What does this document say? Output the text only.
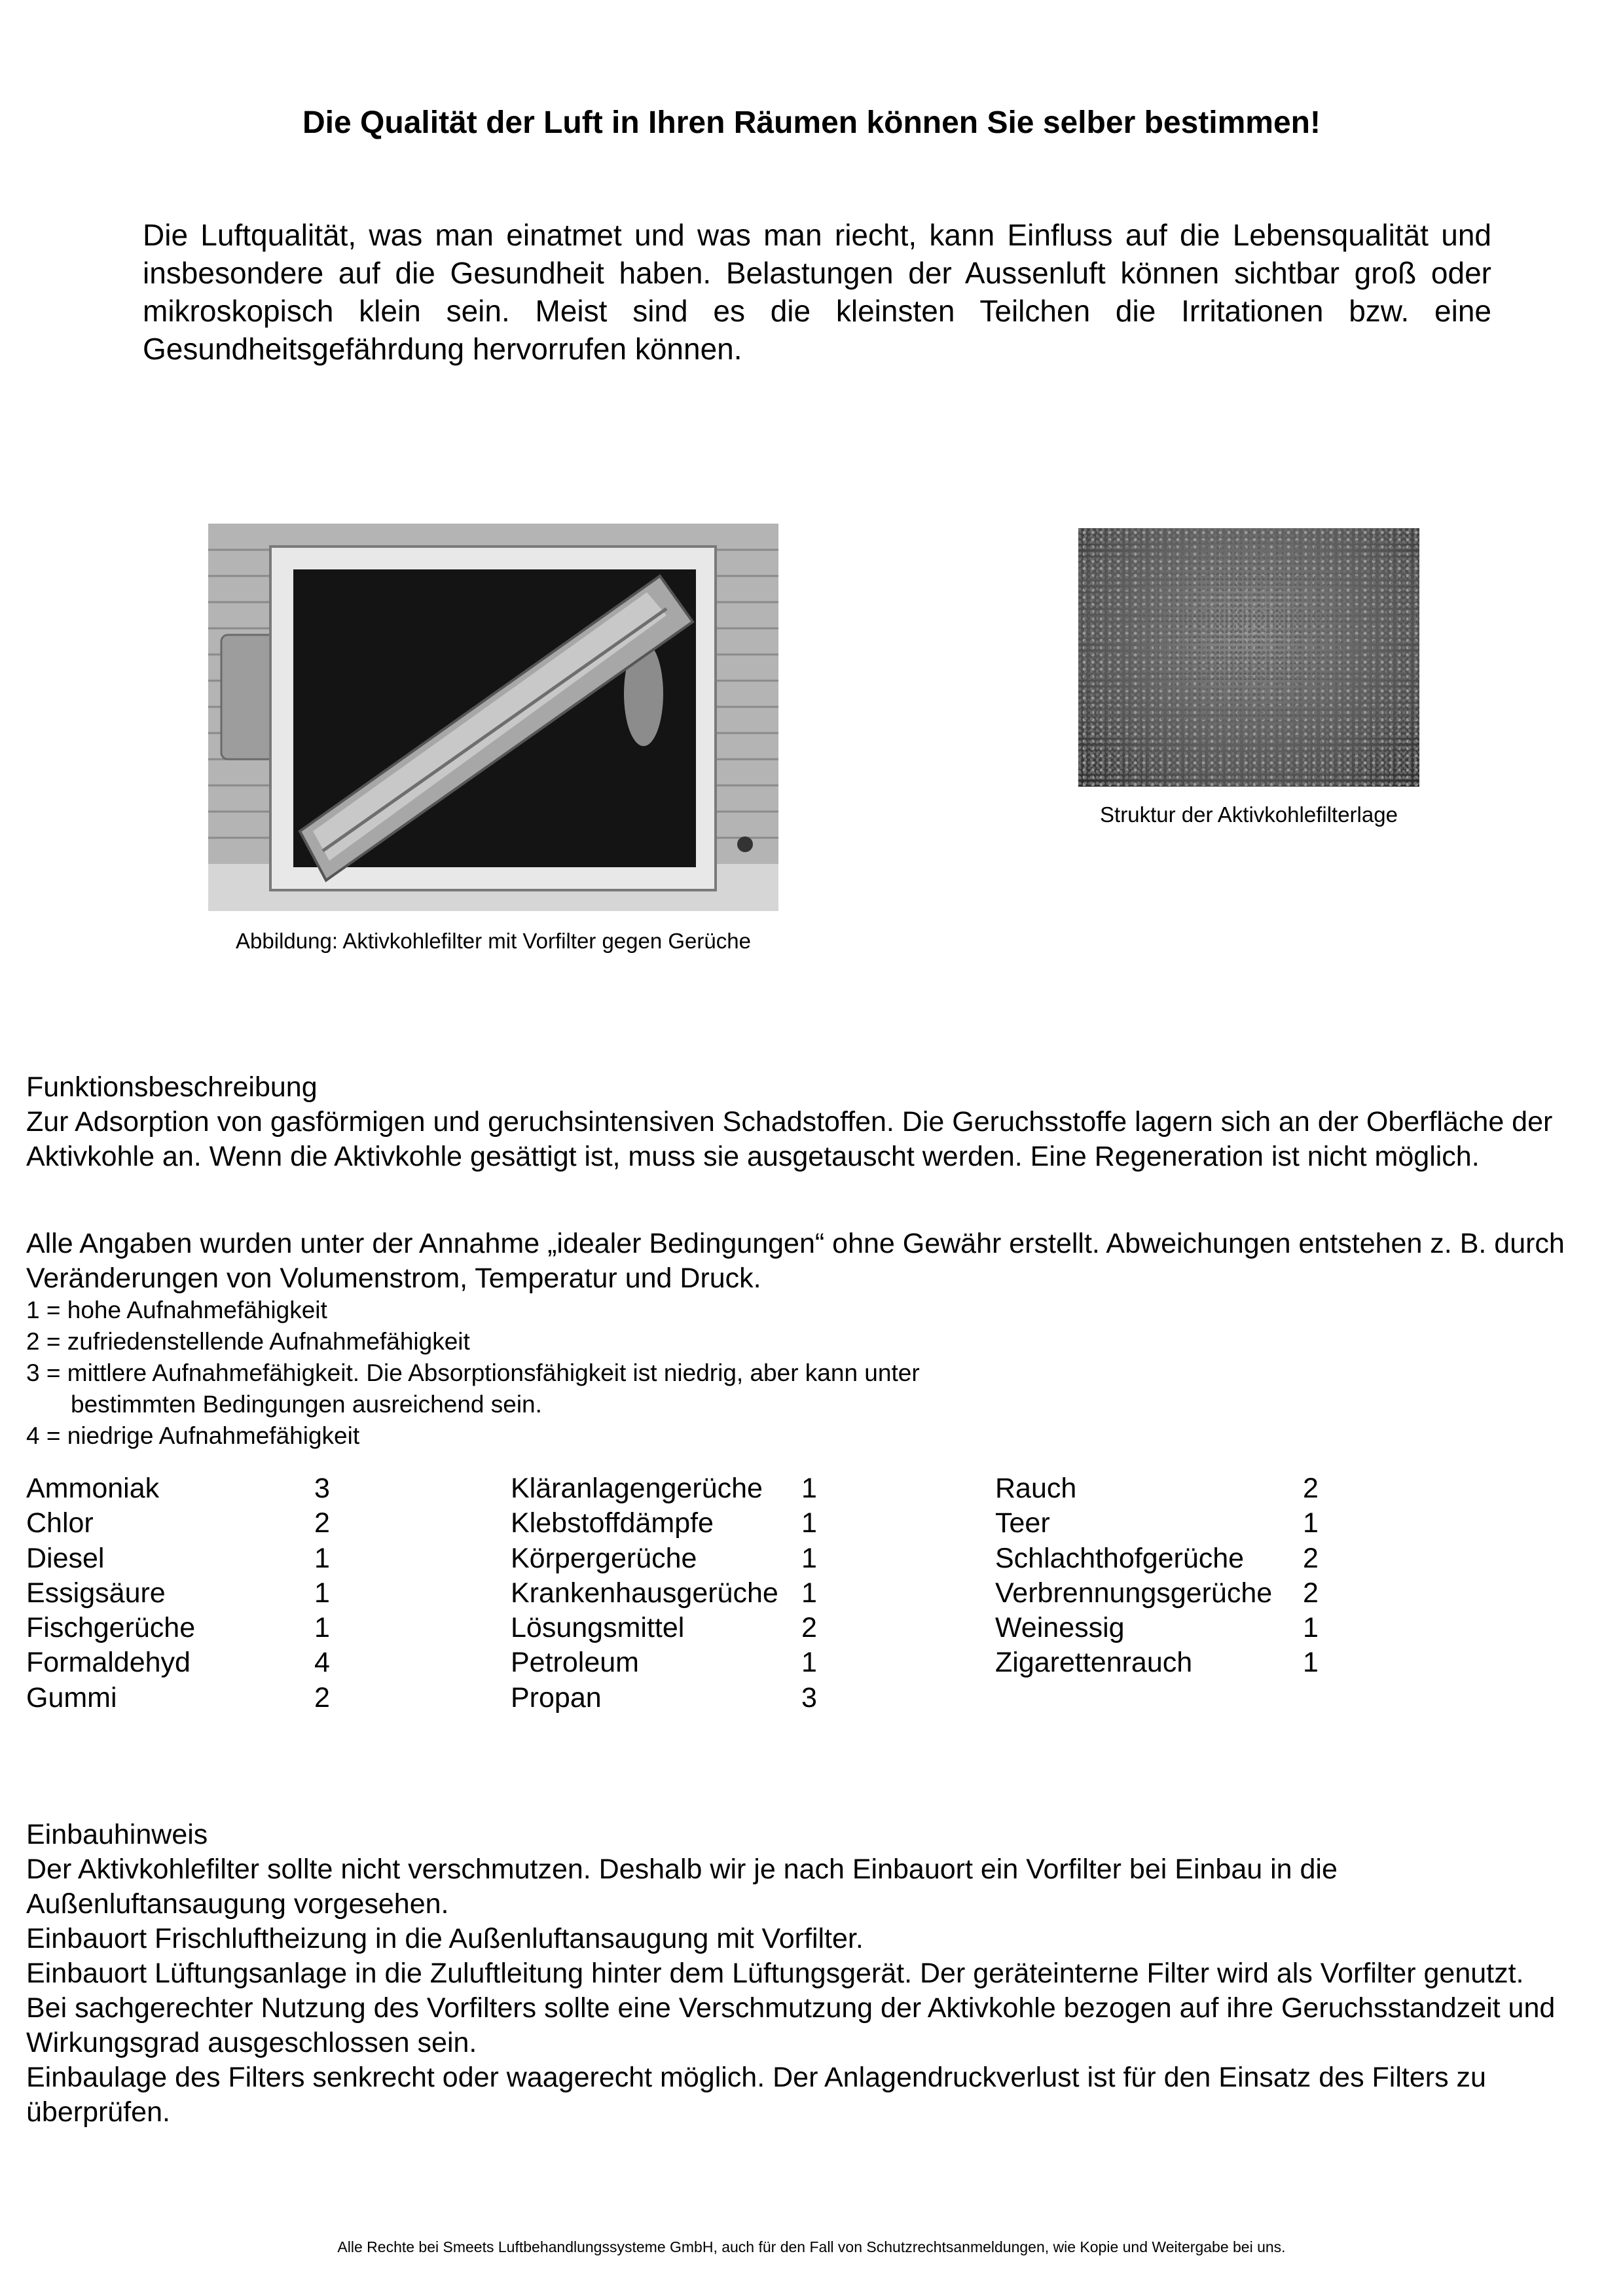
Die Qualität der Luft in Ihren Räumen können Sie selber bestimmen!
Die Luftqualität, was man einatmet und was man riecht, kann Einfluss auf die Lebensqualität und insbesondere auf die Gesundheit haben. Belastungen der Aussenluft können sichtbar groß oder mikroskopisch klein sein. Meist sind es die kleinsten Teilchen die Irritationen bzw. eine Gesundheitsgefährdung hervorrufen können.
Abbildung: Aktivkohlefilter mit Vorfilter gegen Gerüche
Struktur der Aktivkohlefilterlage
Funktionsbeschreibung
Zur Adsorption von gasförmigen und geruchsintensiven Schadstoffen. Die Geruchsstoffe lagern sich an der Oberfläche der Aktivkohle an. Wenn die Aktivkohle gesättigt ist, muss sie ausgetauscht werden. Eine Regeneration ist nicht möglich.
Alle Angaben wurden unter der Annahme „idealer Bedingungen“ ohne Gewähr erstellt. Abweichungen entstehen z. B. durch Veränderungen von Volumenstrom, Temperatur und Druck.
1 = hohe Aufnahmefähigkeit
2 = zufriedenstellende Aufnahmefähigkeit
3 = mittlere Aufnahmefähigkeit. Die Absorptionsfähigkeit ist niedrig, aber kann unter
bestimmten Bedingungen ausreichend sein.
4 = niedrige Aufnahmefähigkeit
Ammoniak	3
Chlor	2
Diesel	1
Essigsäure	1
Fischgerüche	1
Formaldehyd	4
Gummi	2
Kläranlagengerüche	1
Klebstoffdämpfe	1
Körpergerüche	1
Krankenhausgerüche 1
Lösungsmittel	2
Petroleum	1
Propan	3
Rauch	2
Teer	1
Schlachthofgerüche	2
Verbrennungsgerüche	2
Weinessig	1
Zigarettenrauch	1
Einbauhinweis
Der Aktivkohlefilter sollte nicht verschmutzen. Deshalb wir je nach Einbauort ein Vorfilter bei Einbau in die Außenluftansaugung vorgesehen.
Einbauort Frischluftheizung in die Außenluftansaugung mit Vorfilter.
Einbauort Lüftungsanlage in die Zuluftleitung hinter dem Lüftungsgerät. Der geräteinterne Filter wird als Vorfilter genutzt.
Bei sachgerechter Nutzung des Vorfilters sollte eine Verschmutzung der Aktivkohle bezogen auf ihre Geruchsstandzeit und Wirkungsgrad ausgeschlossen sein.
Einbaulage des Filters senkrecht oder waagerecht möglich. Der Anlagendruckverlust ist für den Einsatz des Filters zu überprüfen.
Alle Rechte bei Smeets Luftbehandlungssysteme GmbH, auch für den Fall von Schutzrechtsanmeldungen, wie Kopie und Weitergabe bei uns.
